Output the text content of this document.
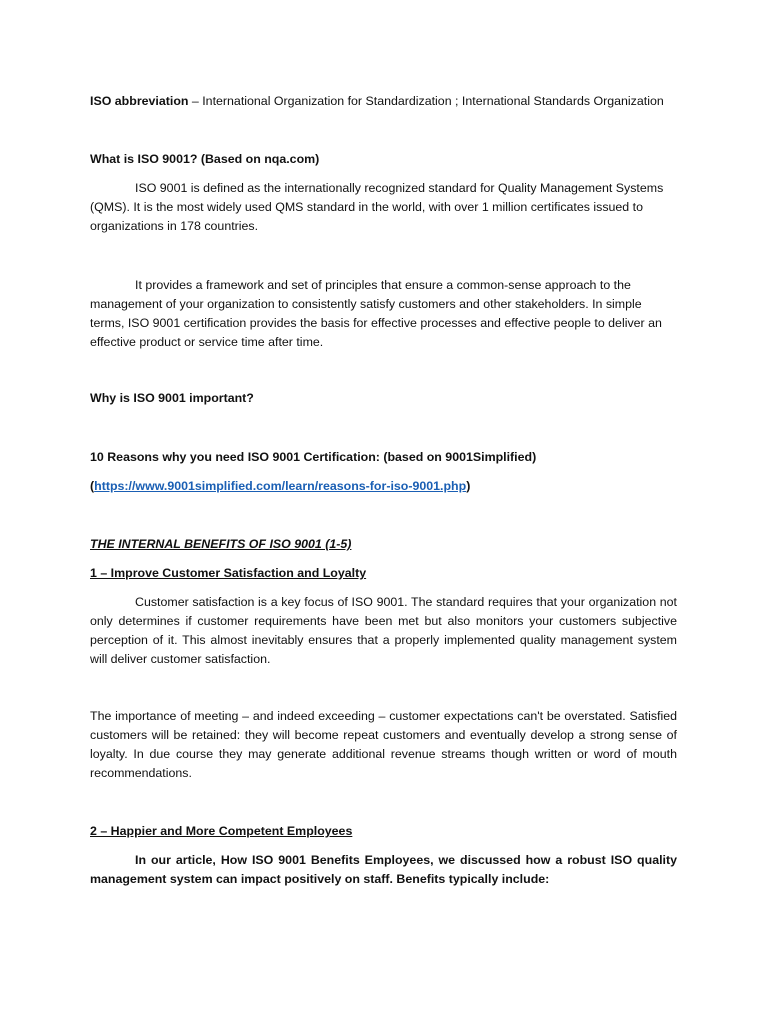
ISO abbreviation – International Organization for Standardization ; International Standards Organization

What is ISO 9001? (Based on nqa.com)

ISO 9001 is defined as the internationally recognized standard for Quality Management Systems (QMS). It is the most widely used QMS standard in the world, with over 1 million certificates issued to organizations in 178 countries.

It provides a framework and set of principles that ensure a common-sense approach to the management of your organization to consistently satisfy customers and other stakeholders. In simple terms, ISO 9001 certification provides the basis for effective processes and effective people to deliver an effective product or service time after time.

Why is ISO 9001 important?

10 Reasons why you need ISO 9001 Certification: (based on 9001Simplified)

(https://www.9001simplified.com/learn/reasons-for-iso-9001.php)

THE INTERNAL BENEFITS OF ISO 9001 (1-5)

1 – Improve Customer Satisfaction and Loyalty

Customer satisfaction is a key focus of ISO 9001. The standard requires that your organization not only determines if customer requirements have been met but also monitors your customers subjective perception of it. This almost inevitably ensures that a properly implemented quality management system will deliver customer satisfaction.

The importance of meeting – and indeed exceeding – customer expectations can't be overstated. Satisfied customers will be retained: they will become repeat customers and eventually develop a strong sense of loyalty. In due course they may generate additional revenue streams though written or word of mouth recommendations.

2 – Happier and More Competent Employees

In our article, How ISO 9001 Benefits Employees, we discussed how a robust ISO quality management system can impact positively on staff. Benefits typically include:
